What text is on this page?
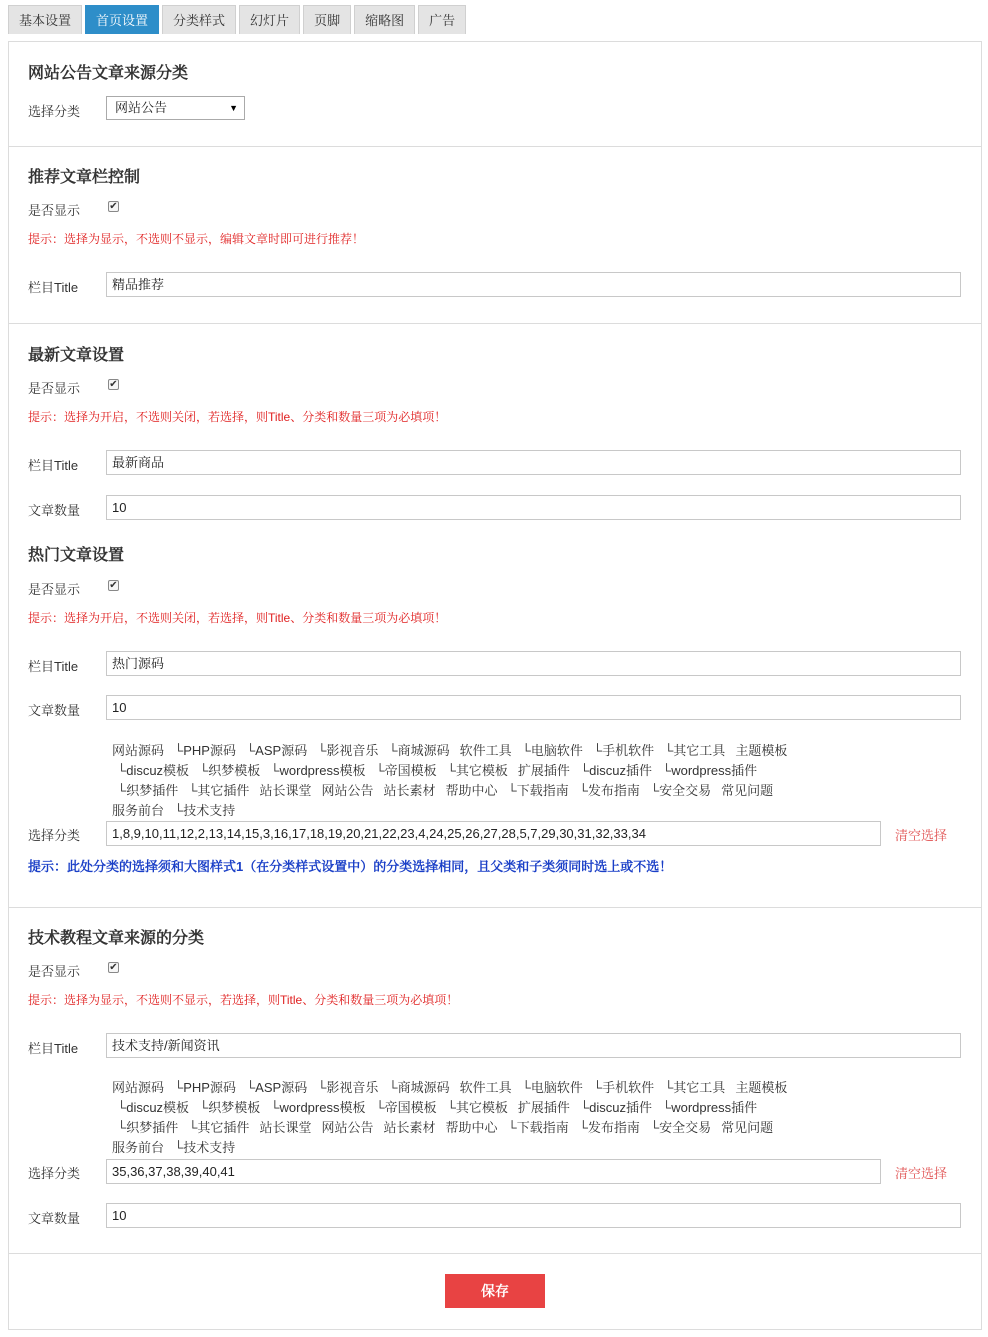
基本设置	首页设置	分类样式	幻灯片	页脚	缩略图	广告
网站公告文章来源分类
选择分类	网站公告	▼
推荐文章栏控制
是否显示	✔
提示：选择为显示，不选则不显示，编辑文章时即可进行推荐！
栏目Title	精品推荐
最新文章设置
是否显示	✔
提示：选择为开启，不选则关闭，若选择，则Title、分类和数量三项为必填项！
栏目Title	最新商品
文章数量	10
热门文章设置
是否显示	✔
提示：选择为开启，不选则关闭，若选择，则Title、分类和数量三项为必填项！
栏目Title	热门源码
文章数量	10
网站源码 └PHP源码 └ASP源码 └影视音乐 └商城源码 软件工具 └电脑软件 └手机软件 └其它工具 主题模板
└discuz模板 └织梦模板 └wordpress模板 └帝国模板 └其它模板 扩展插件 └discuz插件 └wordpress插件
└织梦插件 └其它插件 站长课堂 网站公告 站长素材 帮助中心 └下载指南 └发布指南 └安全交易 常见问题
服务前台 └技术支持
选择分类	1,8,9,10,11,12,2,13,14,15,3,16,17,18,19,20,21,22,23,4,24,25,26,27,28,5,7,29,30,31,32,33,34	清空选择
提示：此处分类的选择须和大图样式1（在分类样式设置中）的分类选择相同，且父类和子类须同时选上或不选！
技术教程文章来源的分类
是否显示	✔
提示：选择为显示，不选则不显示，若选择，则Title、分类和数量三项为必填项！
栏目Title	技术支持/新闻资讯
网站源码 └PHP源码 └ASP源码 └影视音乐 └商城源码 软件工具 └电脑软件 └手机软件 └其它工具 主题模板
└discuz模板 └织梦模板 └wordpress模板 └帝国模板 └其它模板 扩展插件 └discuz插件 └wordpress插件
└织梦插件 └其它插件 站长课堂 网站公告 站长素材 帮助中心 └下载指南 └发布指南 └安全交易 常见问题
服务前台 └技术支持
选择分类	35,36,37,38,39,40,41	清空选择
文章数量	10
保存
